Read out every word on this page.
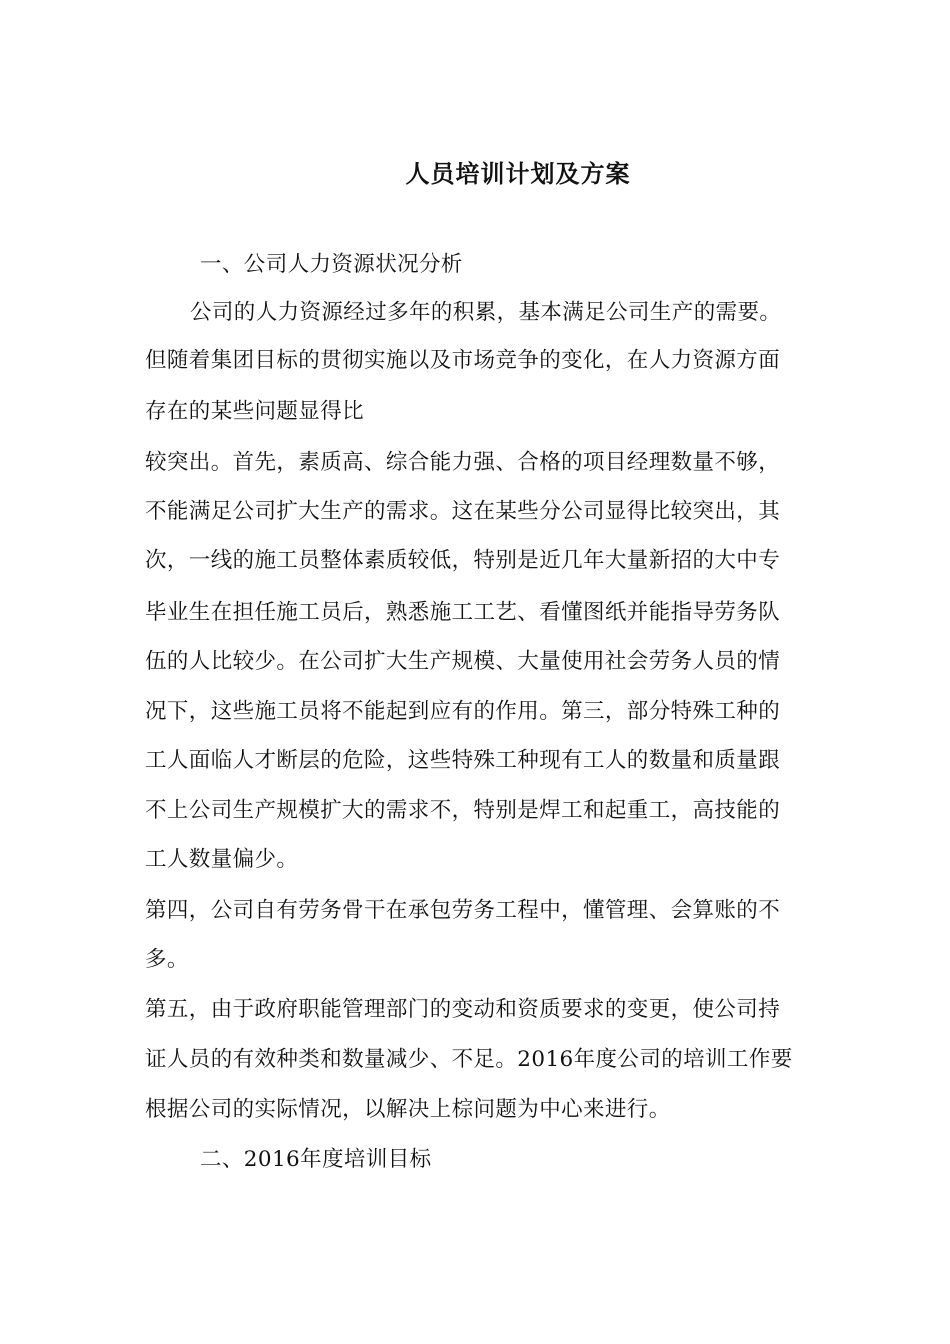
人员培训计划及方案
一、公司人力资源状况分析
公司的人力资源经过多年的积累，基本满足公司生产的需要。
但随着集团目标的贯彻实施以及市场竞争的变化，在人力资源方面
存在的某些问题显得比
较突出。首先，素质高、综合能力强、合格的项目经理数量不够，
不能满足公司扩大生产的需求。这在某些分公司显得比较突出，其
次，一线的施工员整体素质较低，特别是近几年大量新招的大中专
毕业生在担任施工员后，熟悉施工工艺、看懂图纸并能指导劳务队
伍的人比较少。在公司扩大生产规模、大量使用社会劳务人员的情
况下，这些施工员将不能起到应有的作用。第三，部分特殊工种的
工人面临人才断层的危险，这些特殊工种现有工人的数量和质量跟
不上公司生产规模扩大的需求不，特别是焊工和起重工，高技能的
工人数量偏少。
第四，公司自有劳务骨干在承包劳务工程中，懂管理、会算账的不
多。
第五，由于政府职能管理部门的变动和资质要求的变更，使公司持
证人员的有效种类和数量减少、不足。2016年度公司的培训工作要
根据公司的实际情况，以解决上棕问题为中心来进行。
二、2016年度培训目标
